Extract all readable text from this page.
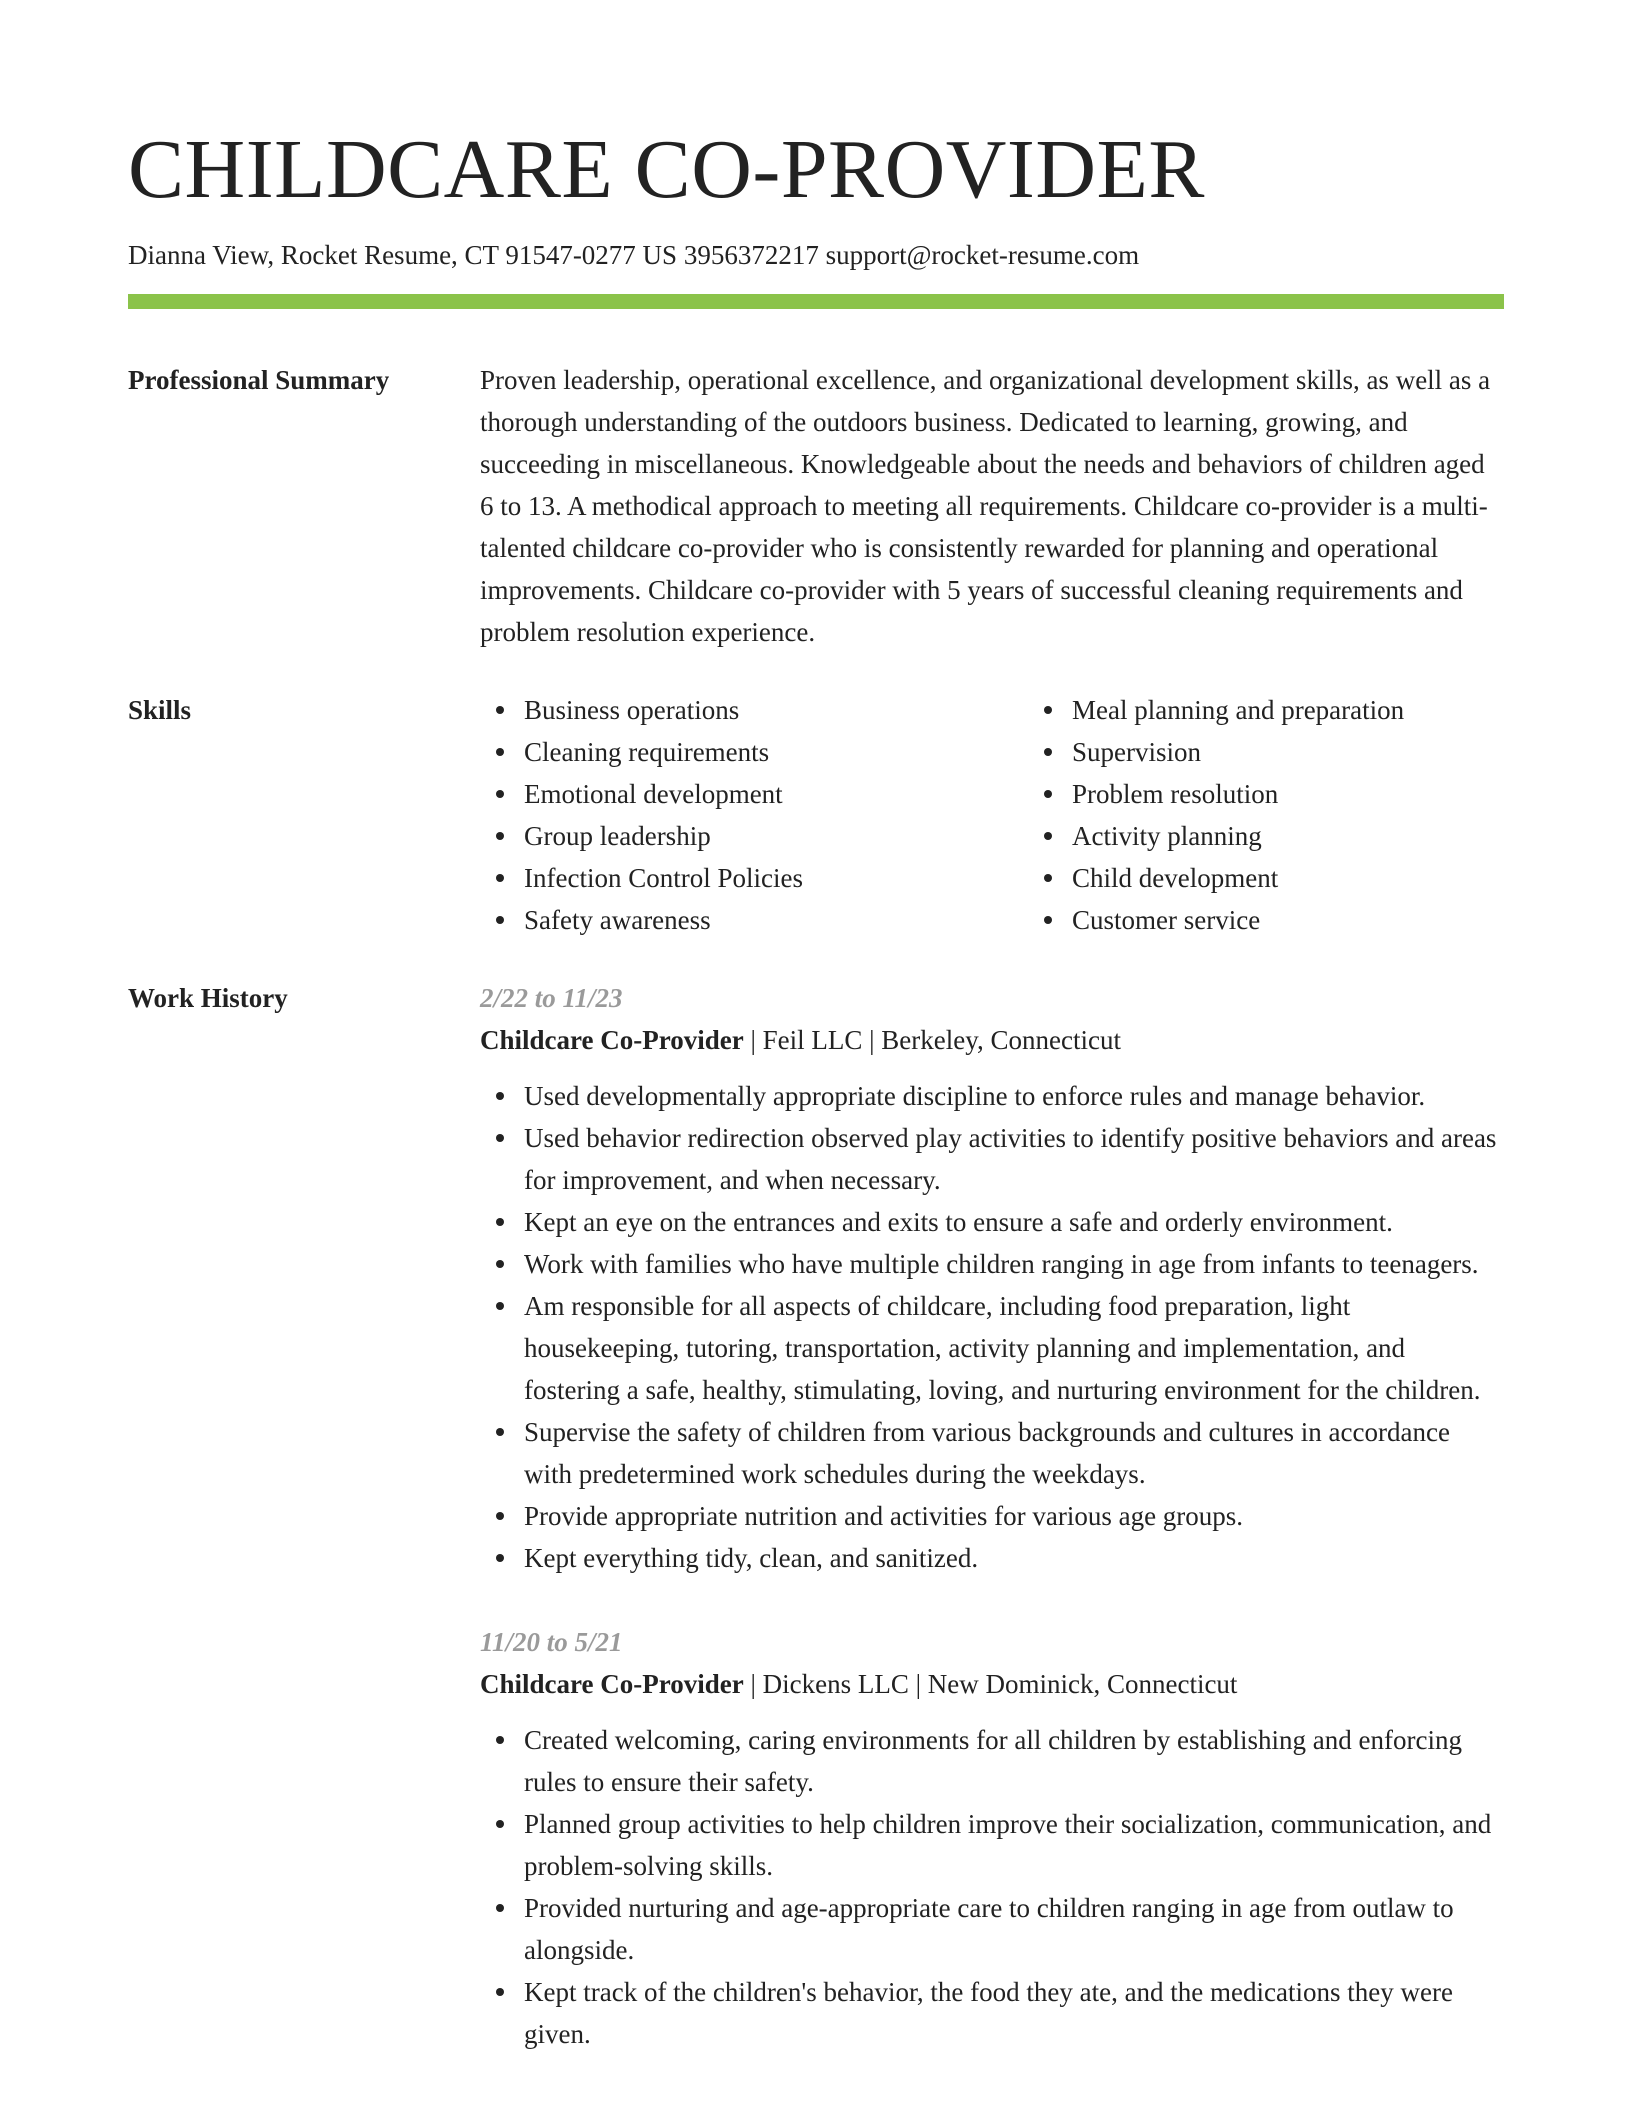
CHILDCARE CO-PROVIDER
Dianna View, Rocket Resume, CT 91547-0277 US 3956372217 support@rocket-resume.com
Professional Summary	Proven leadership, operational excellence, and organizational development skills, as well as a thorough understanding of the outdoors business. Dedicated to learning, growing, and succeeding in miscellaneous. Knowledgeable about the needs and behaviors of children aged 6 to 13. A methodical approach to meeting all requirements. Childcare co-provider is a multi-talented childcare co-provider who is consistently rewarded for planning and operational improvements. Childcare co-provider with 5 years of successful cleaning requirements and problem resolution experience.

Skills	Business operations
Cleaning requirements
Emotional development
Group leadership
Infection Control Policies
Safety awareness
Meal planning and preparation
Supervision
Problem resolution
Activity planning
Child development
Customer service
Work History	2/22 to 11/23
Childcare Co-Provider | Feil LLC | Berkeley, Connecticut
Used developmentally appropriate discipline to enforce rules and manage behavior.
Used behavior redirection observed play activities to identify positive behaviors and areas for improvement, and when necessary.
Kept an eye on the entrances and exits to ensure a safe and orderly environment.
Work with families who have multiple children ranging in age from infants to teenagers.
Am responsible for all aspects of childcare, including food preparation, light housekeeping, tutoring, transportation, activity planning and implementation, and fostering a safe, healthy, stimulating, loving, and nurturing environment for the children.
Supervise the safety of children from various backgrounds and cultures in accordance with predetermined work schedules during the weekdays.
Provide appropriate nutrition and activities for various age groups.
Kept everything tidy, clean, and sanitized.
11/20 to 5/21
Childcare Co-Provider | Dickens LLC | New Dominick, Connecticut
Created welcoming, caring environments for all children by establishing and enforcing rules to ensure their safety.
Planned group activities to help children improve their socialization, communication, and problem-solving skills.
Provided nurturing and age-appropriate care to children ranging in age from outlaw to alongside.
Kept track of the children's behavior, the food they ate, and the medications they were given.
